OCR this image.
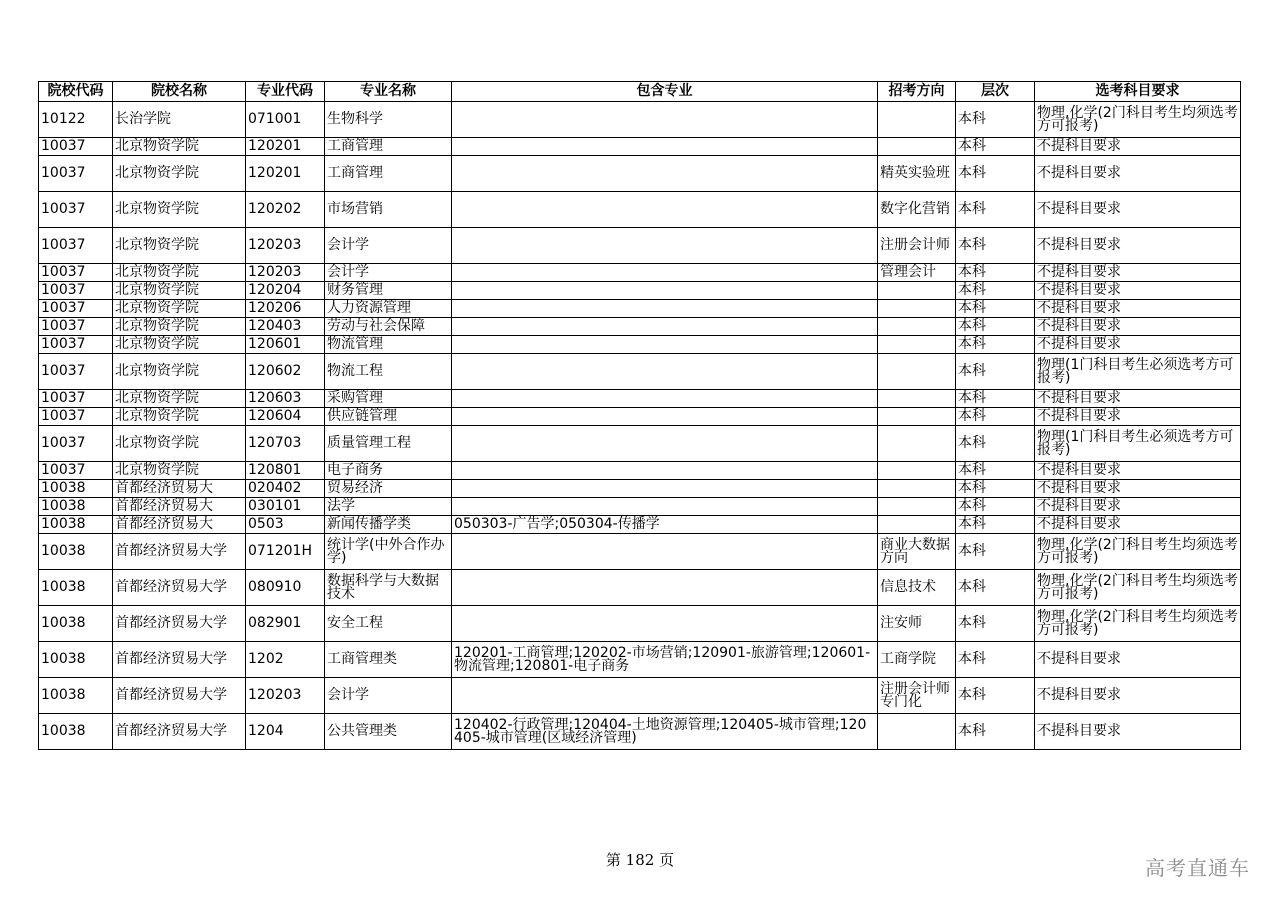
院校代码	院校名称	专业代码	专业名称	包含专业	招考方向	层次	选考科目要求
10122	长治学院	071001	生物科学			本科	物理,化学(2门科目考生均须选考方可报考)
10037	北京物资学院	120201	工商管理			本科	不提科目要求
10037	北京物资学院	120201	工商管理		精英实验班	本科	不提科目要求
10037	北京物资学院	120202	市场营销		数字化营销	本科	不提科目要求
10037	北京物资学院	120203	会计学		注册会计师	本科	不提科目要求
10037	北京物资学院	120203	会计学		管理会计	本科	不提科目要求
10037	北京物资学院	120204	财务管理			本科	不提科目要求
10037	北京物资学院	120206	人力资源管理			本科	不提科目要求
10037	北京物资学院	120403	劳动与社会保障			本科	不提科目要求
10037	北京物资学院	120601	物流管理			本科	不提科目要求
10037	北京物资学院	120602	物流工程			本科	物理(1门科目考生必须选考方可报考)
10037	北京物资学院	120603	采购管理			本科	不提科目要求
10037	北京物资学院	120604	供应链管理			本科	不提科目要求
10037	北京物资学院	120703	质量管理工程			本科	物理(1门科目考生必须选考方可报考)
10037	北京物资学院	120801	电子商务			本科	不提科目要求
10038	首都经济贸易大	020402	贸易经济			本科	不提科目要求
10038	首都经济贸易大	030101	法学			本科	不提科目要求
10038	首都经济贸易大	0503	新闻传播学类	050303-广告学;050304-传播学		本科	不提科目要求
10038	首都经济贸易大学	071201H	统计学(中外合作办学)		商业大数据方向	本科	物理,化学(2门科目考生均须选考方可报考)
10038	首都经济贸易大学	080910	数据科学与大数据技术		信息技术	本科	物理,化学(2门科目考生均须选考方可报考)
10038	首都经济贸易大学	082901	安全工程		注安师	本科	物理,化学(2门科目考生均须选考方可报考)
10038	首都经济贸易大学	1202	工商管理类	120201-工商管理;120202-市场营销;120901-旅游管理;120601-物流管理;120801-电子商务	工商学院	本科	不提科目要求
10038	首都经济贸易大学	120203	会计学		注册会计师专门化	本科	不提科目要求
10038	首都经济贸易大学	1204	公共管理类	120402-行政管理;120404-土地资源管理;120405-城市管理;120405-城市管理(区域经济管理)		本科	不提科目要求
第 182 页	高考直通车
